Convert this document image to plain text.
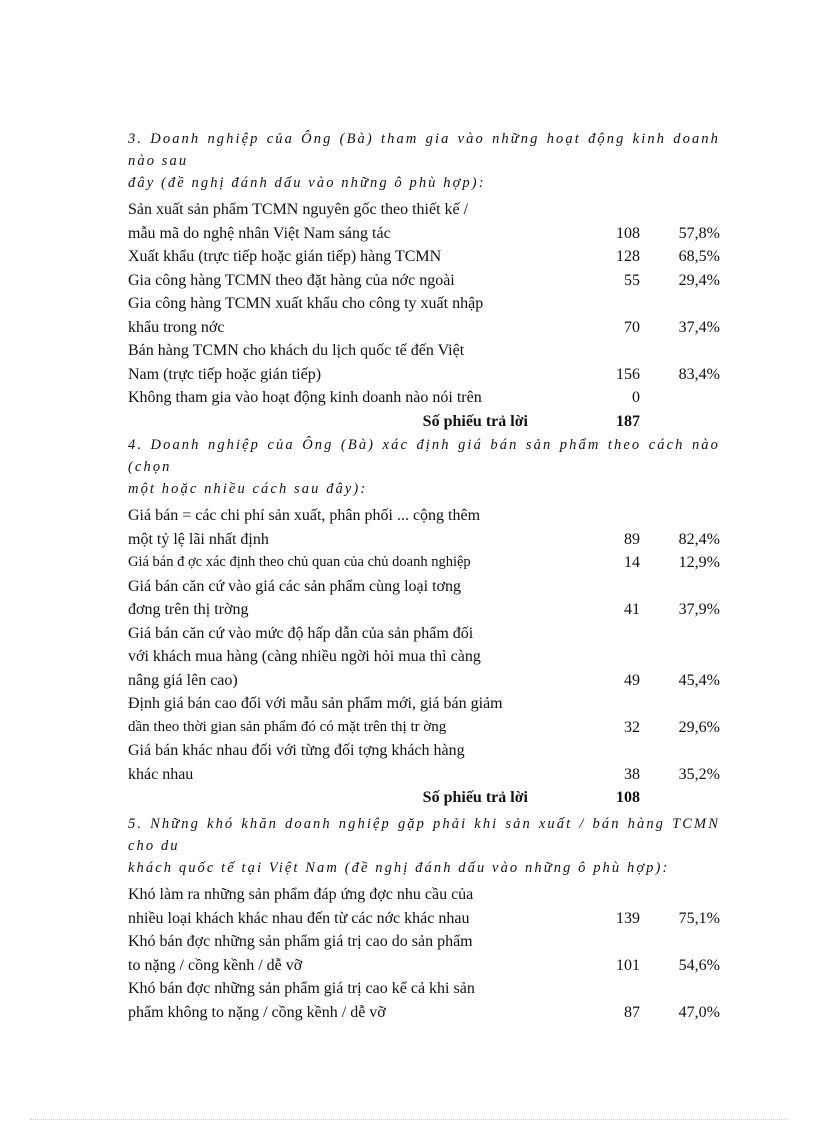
3. Doanh nghiệp của Ông (Bà) tham gia vào những hoạt động kinh doanh nào sau
đây (đề nghị đánh dấu vào những ô phù hợp):
Sản xuất sản phẩm TCMN nguyên gốc theo thiết kế /
mẫu mã do nghệ nhân Việt Nam sáng tác	108	57,8%
Xuất khẩu (trực tiếp hoặc gián tiếp) hàng TCMN	128	68,5%
Gia công hàng TCMN theo đặt hàng của nớc ngoài	55	29,4%
Gia công hàng TCMN xuất khẩu cho công ty xuất nhập
khẩu trong nớc	70	37,4%
Bán hàng TCMN cho khách du lịch quốc tế đến Việt
Nam (trực tiếp hoặc gián tiếp)	156	83,4%
Không tham gia vào hoạt động kinh doanh nào nói trên	0
Số phiếu trả lời	187
4. Doanh nghiệp của Ông (Bà) xác định giá bán sản phẩm theo cách nào (chọn
một hoặc nhiều cách sau đây):
Giá bán = các chi phí sản xuất, phân phối ... cộng thêm
một tỷ lệ lãi nhất định	89	82,4%
Giá bán đ ợc xác định theo chủ quan của chủ doanh nghiệp	14	12,9%
Giá bán căn cứ vào giá các sản phẩm cùng loại tơng
đơng trên thị trờng	41	37,9%
Giá bán căn cứ vào mức độ hấp dẫn của sản phẩm đối
với khách mua hàng (càng nhiều ngời hỏi mua thì càng
nâng giá lên cao)	49	45,4%
Định giá bán cao đối với mẫu sản phẩm mới, giá bán giảm
dần theo thời gian sản phẩm đó có mặt trên thị tr ờng	32	29,6%
Giá bán khác nhau đối với từng đối tợng khách hàng
khác nhau	38	35,2%
Số phiếu trả lời	108
5. Những khó khăn doanh nghiệp gặp phải khi sản xuất / bán hàng TCMN cho du
khách quốc tế tại Việt Nam (đề nghị đánh dấu vào những ô phù hợp):
Khó làm ra những sản phẩm đáp ứng đợc nhu cầu của
nhiều loại khách khác nhau đến từ các nớc khác nhau	139	75,1%
Khó bán đợc những sản phẩm giá trị cao do sản phẩm
to nặng / cồng kềnh / dễ vỡ	101	54,6%
Khó bán đợc những sản phẩm giá trị cao kể cả khi sản
phẩm không to nặng / cồng kềnh / dễ vỡ	87	47,0%
